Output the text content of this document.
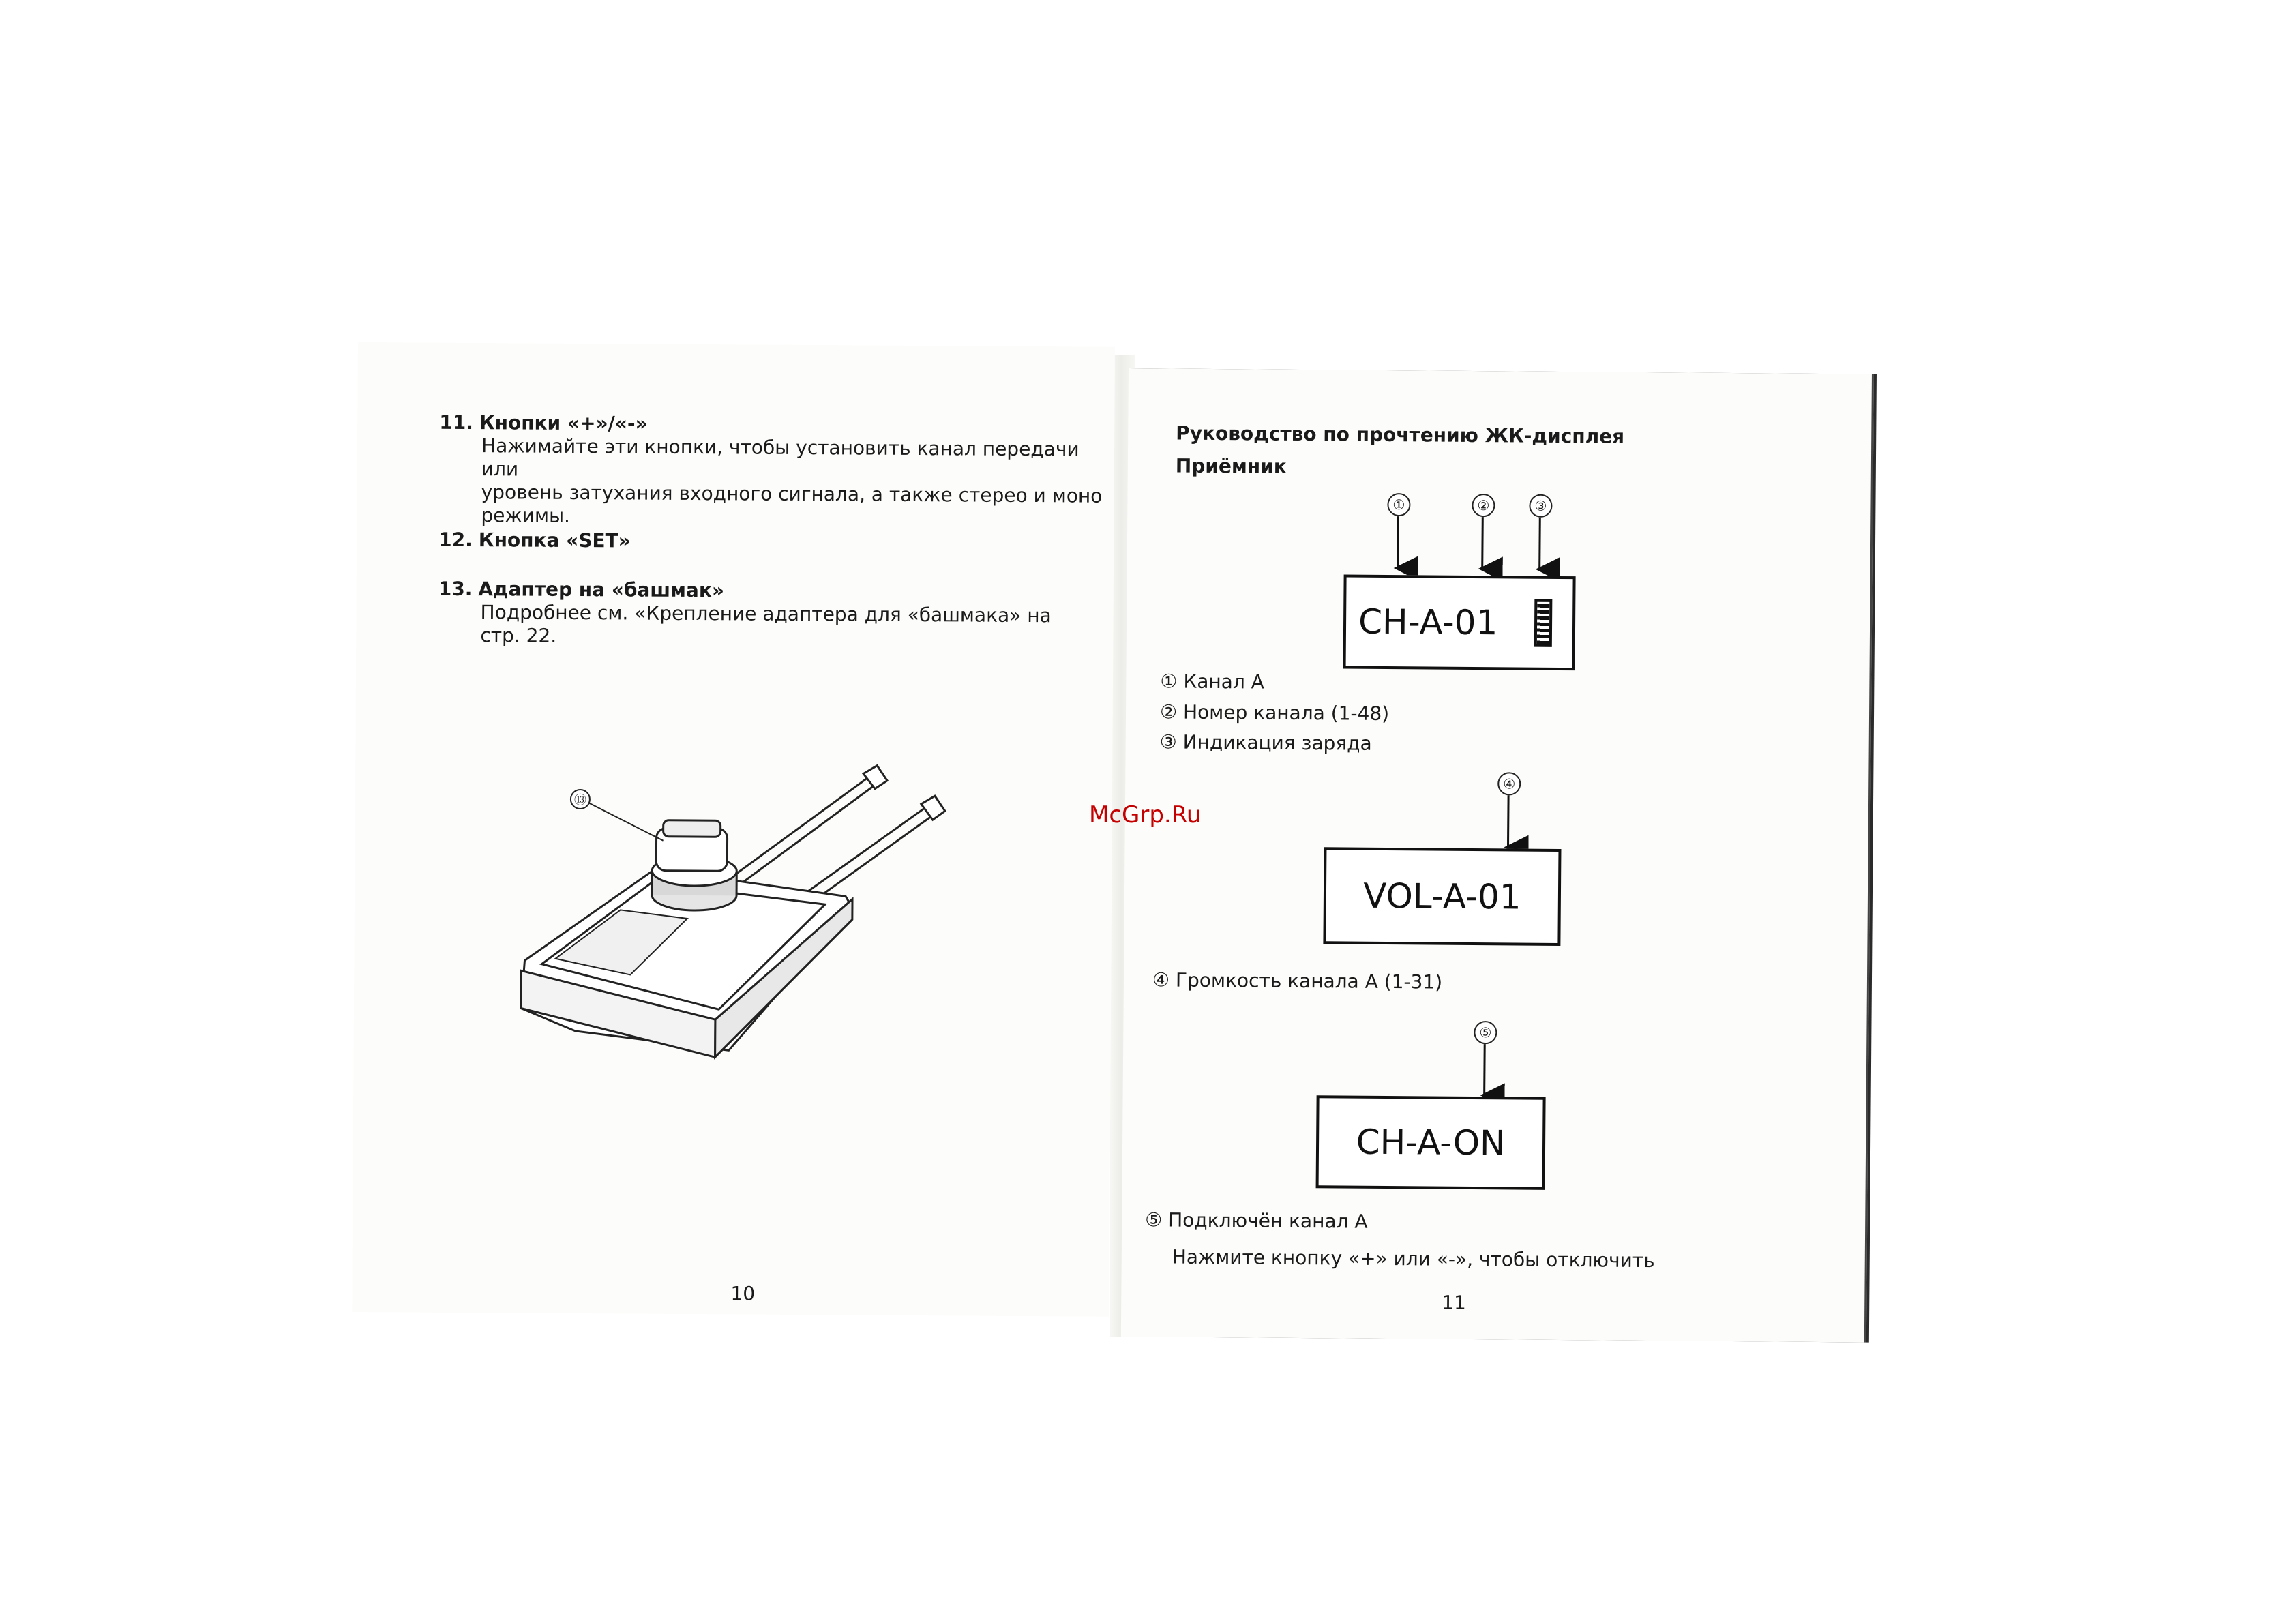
11. Кнопки «+»/«-»
Нажимайте эти кнопки, чтобы установить канал передачи или
уровень затухания входного сигнала, а также стерео и моно
режимы.
12. Кнопка «SET»
13. Адаптер на «башмак»
Подробнее см. «Крепление адаптера для «башмака» на
стр. 22.
⑬
10
Руководство по прочтению ЖК-дисплея
Приёмник
①	②	③
CH-A-01
① Канал А
② Номер канала (1-48)
③ Индикация заряда
④
VOL-A-01
④ Громкость канала А (1-31)
⑤
CH-A-ON
⑤ Подключён канал А
Нажмите кнопку «+» или «-», чтобы отключить
11
McGrp.Ru
